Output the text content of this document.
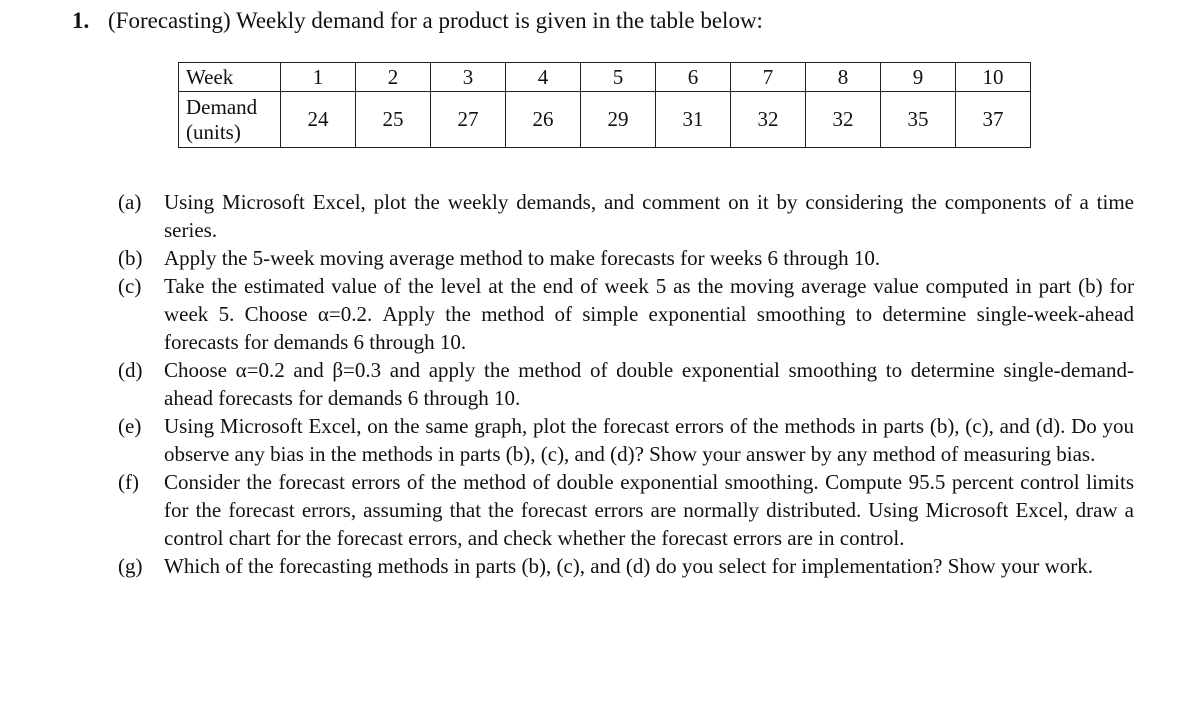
1. (Forecasting) Weekly demand for a product is given in the table below:
Week	1	2	3	4	5	6	7	8	9	10
Demand
(units)	24	25	27	26	29	31	32	32	35	37
(a)	Using Microsoft Excel, plot the weekly demands, and comment on it by considering the components of a time series.
(b)	Apply the 5-week moving average method to make forecasts for weeks 6 through 10.
(c)	Take the estimated value of the level at the end of week 5 as the moving average value computed in part (b) for week 5. Choose α=0.2. Apply the method of simple exponential smoothing to determine single-week-ahead forecasts for demands 6 through 10.
(d)	Choose α=0.2 and β=0.3 and apply the method of double exponential smoothing to determine single-demand-ahead forecasts for demands 6 through 10.
(e)	Using Microsoft Excel, on the same graph, plot the forecast errors of the methods in parts (b), (c), and (d). Do you observe any bias in the methods in parts (b), (c), and (d)? Show your answer by any method of measuring bias.
(f)	Consider the forecast errors of the method of double exponential smoothing. Compute 95.5 percent control limits for the forecast errors, assuming that the forecast errors are normally distributed. Using Microsoft Excel, draw a control chart for the forecast errors, and check whether the forecast errors are in control.
(g)	Which of the forecasting methods in parts (b), (c), and (d) do you select for implementation? Show your work.
